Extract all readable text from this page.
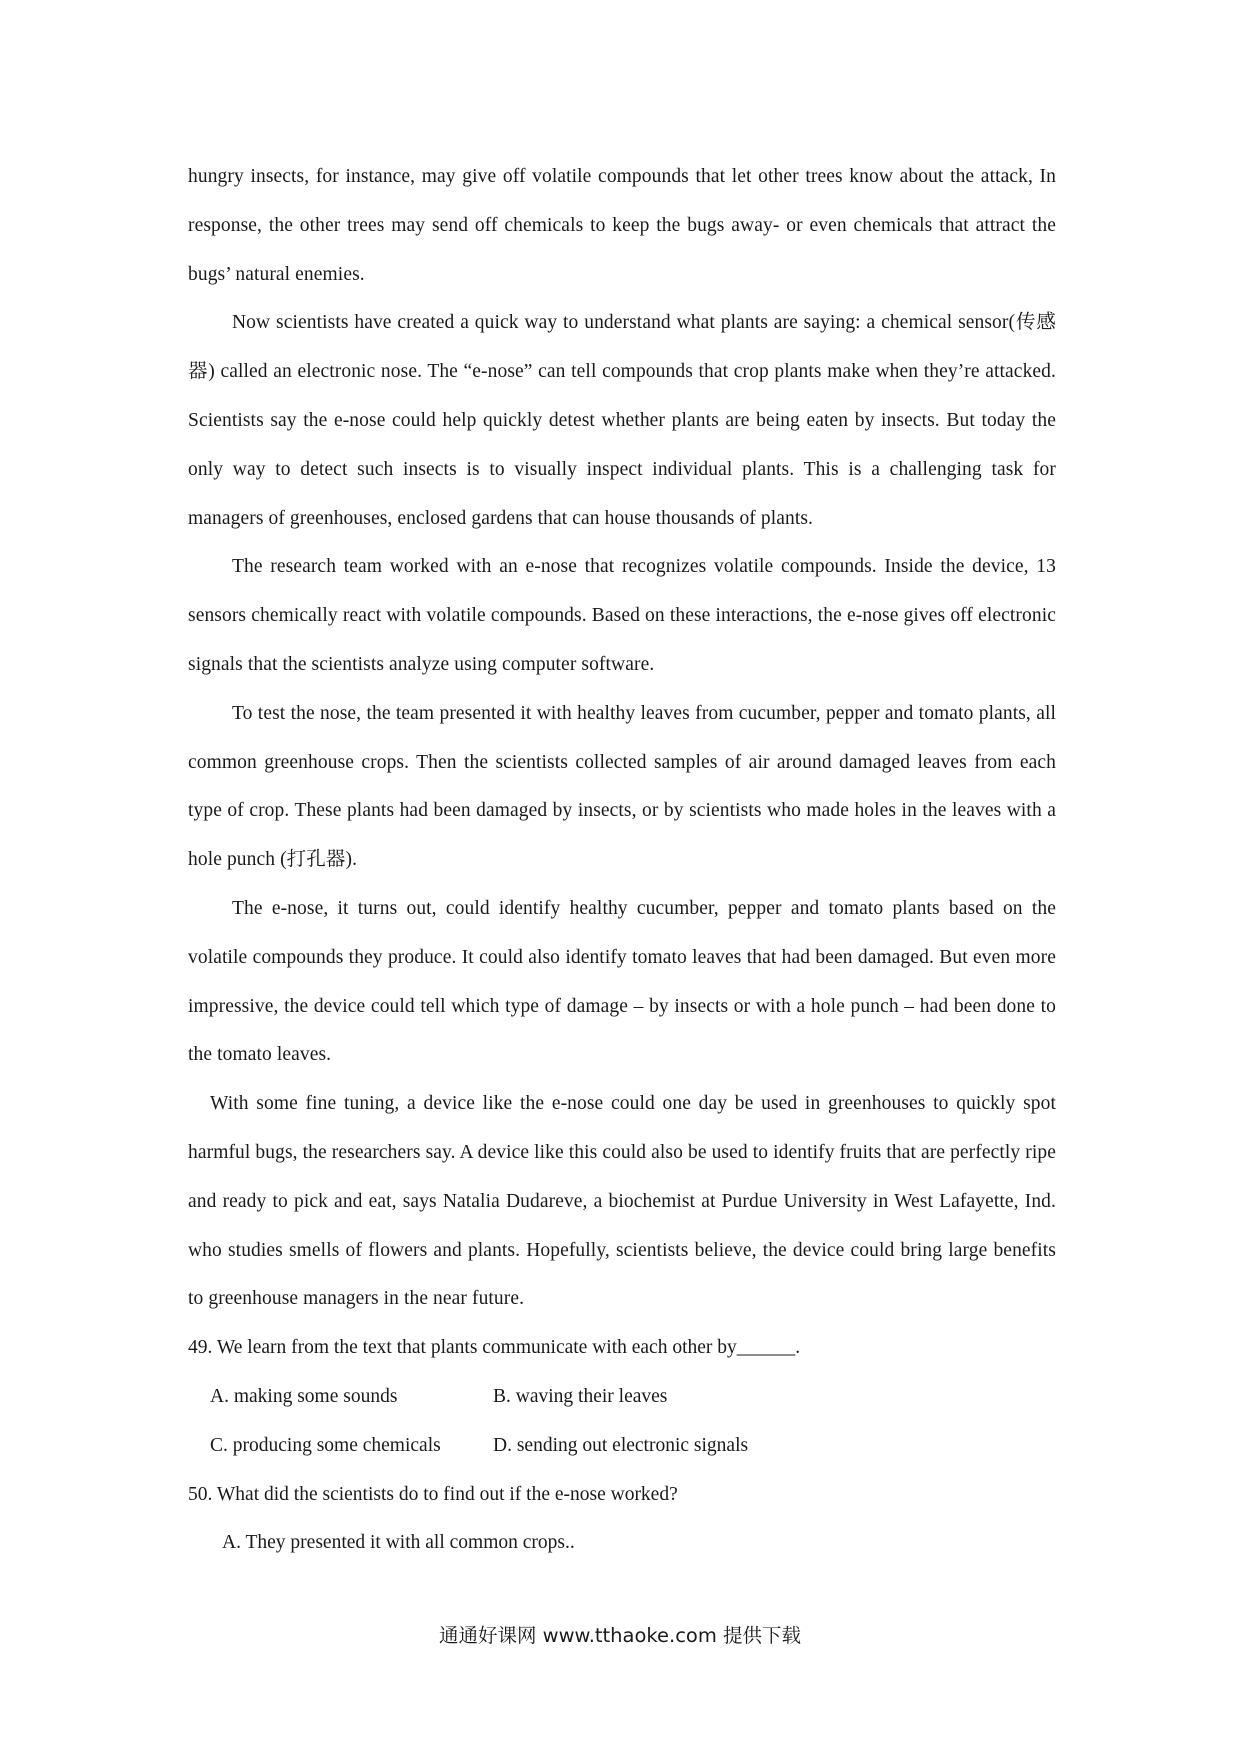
hungry insects, for instance, may give off volatile compounds that let other trees know about the attack, In response, the other trees may send off chemicals to keep the bugs away- or even chemicals that attract the bugs’ natural enemies.

Now scientists have created a quick way to understand what plants are saying: a chemical sensor(传感器) called an electronic nose. The “e-nose” can tell compounds that crop plants make when they’re attacked. Scientists say the e-nose could help quickly detest whether plants are being eaten by insects. But today the only way to detect such insects is to visually inspect individual plants. This is a challenging task for managers of greenhouses, enclosed gardens that can house thousands of plants.

The research team worked with an e-nose that recognizes volatile compounds. Inside the device, 13 sensors chemically react with volatile compounds. Based on these interactions, the e-nose gives off electronic signals that the scientists analyze using computer software.

To test the nose, the team presented it with healthy leaves from cucumber, pepper and tomato plants, all common greenhouse crops. Then the scientists collected samples of air around damaged leaves from each type of crop. These plants had been damaged by insects, or by scientists who made holes in the leaves with a hole punch (打孔器).

The e-nose, it turns out, could identify healthy cucumber, pepper and tomato plants based on the volatile compounds they produce. It could also identify tomato leaves that had been damaged. But even more impressive, the device could tell which type of damage – by insects or with a hole punch – had been done to the tomato leaves.

With some fine tuning, a device like the e-nose could one day be used in greenhouses to quickly spot harmful bugs, the researchers say. A device like this could also be used to identify fruits that are perfectly ripe and ready to pick and eat, says Natalia Dudareve, a biochemist at Purdue University in West Lafayette, Ind. who studies smells of flowers and plants. Hopefully, scientists believe, the device could bring large benefits to greenhouse managers in the near future.

49. We learn from the text that plants communicate with each other by______.

A. making some sounds	B. waving their leaves
C. producing some chemicals	D. sending out electronic signals

50. What did the scientists do to find out if the e-nose worked?

A. They presented it with all common crops..
通通好课网 www.tthaoke.com 提供下载
